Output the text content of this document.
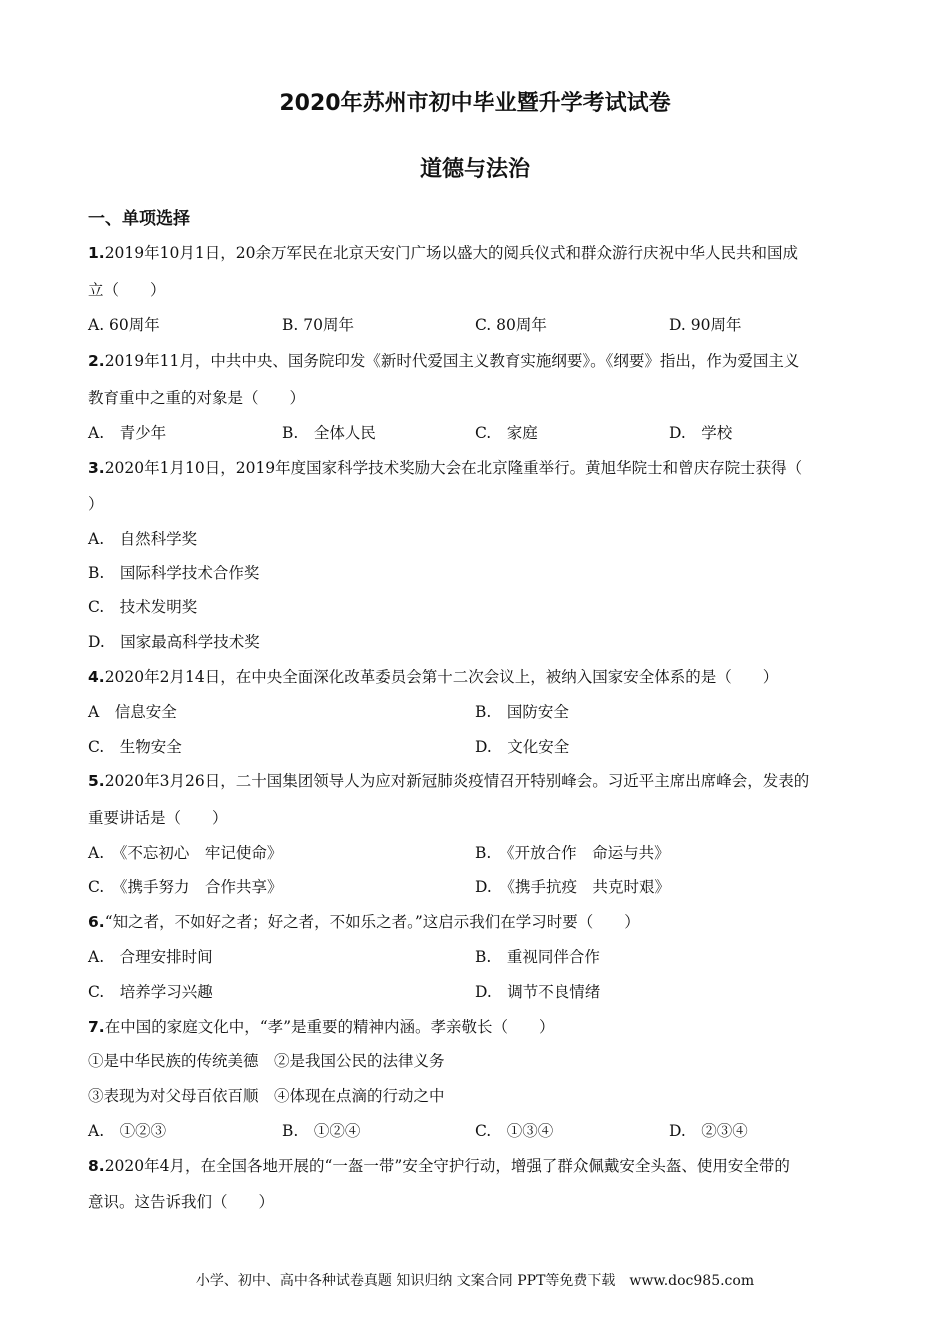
2020年苏州市初中毕业暨升学考试试卷
道德与法治
一、单项选择
1.2019年10月1日，20余万军民在北京天安门广场以盛大的阅兵仪式和群众游行庆祝中华人民共和国成
立（　　）
A. 60周年	B. 70周年	C. 80周年	D. 90周年
2.2019年11月，中共中央、国务院印发《新时代爱国主义教育实施纲要》。《纲要》指出，作为爱国主义
教育重中之重的对象是（　　）
A.　青少年	B.　全体人民	C.　家庭	D.　学校
3.2020年1月10日，2019年度国家科学技术奖励大会在北京隆重举行。黄旭华院士和曾庆存院士获得（
）
A.　自然科学奖
B.　国际科学技术合作奖
C.　技术发明奖
D.　国家最高科学技术奖
4.2020年2月14日，在中央全面深化改革委员会第十二次会议上，被纳入国家安全体系的是（　　）
A　信息安全	B.　国防安全
C.　生物安全	D.　文化安全
5.2020年3月26日，二十国集团领导人为应对新冠肺炎疫情召开特别峰会。习近平主席出席峰会，发表的
重要讲话是（　　）
A.　《不忘初心　牢记使命》	B.　《开放合作　命运与共》
C.　《携手努力　合作共享》	D.　《携手抗疫　共克时艰》
6.“知之者，不如好之者；好之者，不如乐之者。”这启示我们在学习时要（　　）
A.　合理安排时间	B.　重视同伴合作
C.　培养学习兴趣	D.　调节不良情绪
7.在中国的家庭文化中，“孝”是重要的精神内涵。孝亲敬长（　　）
①是中华民族的传统美德　②是我国公民的法律义务
③表现为对父母百依百顺　④体现在点滴的行动之中
A.　①②③	B.　①②④	C.　①③④	D.　②③④
8.2020年4月，在全国各地开展的“一盔一带”安全守护行动，增强了群众佩戴安全头盔、使用安全带的
意识。这告诉我们（　　）
小学、初中、高中各种试卷真题 知识归纳 文案合同 PPT等免费下载　www.doc985.com
